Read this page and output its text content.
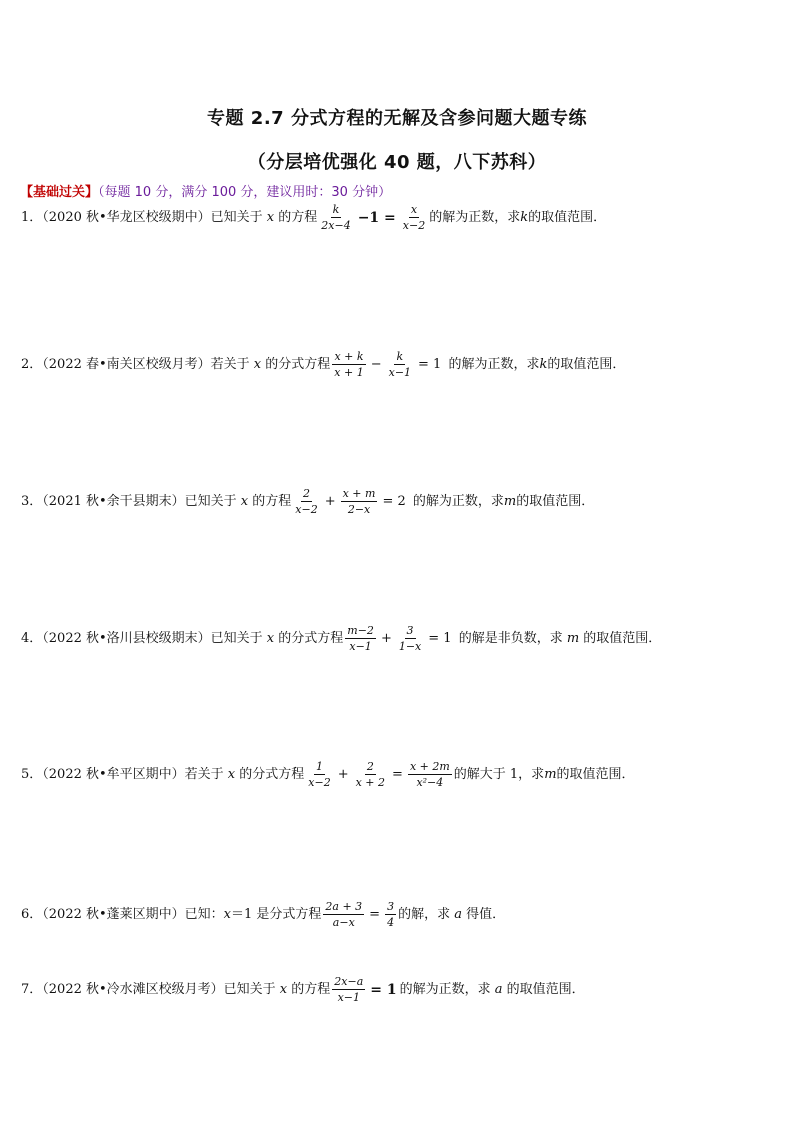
专题 2.7 分式方程的无解及含参问题大题专练
（分层培优强化 40 题，八下苏科）
【基础过关】（每题 10 分，满分 100 分，建议用时：30 分钟）
1．（2020 秋•华龙区校级期中）已知关于 x 的方程 $\frac{k}{2x-4} -1 = \frac{x}{x-2}$ 的解为正数，求 k 的取值范围．
2．（2022 春•南关区校级月考）若关于 x 的分式方程 $\frac{x + k}{x + 1} - \frac{k}{x-1} = 1$ 的解为正数，求 k 的取值范围．
3．（2021 秋•余干县期末）已知关于 x 的方程 $\frac{2}{x-2} + \frac{x + m}{2-x} = 2$ 的解为正数，求 m 的取值范围．
4．（2022 秋•洛川县校级期末）已知关于 x 的分式方程 $\frac{m-2}{x-1} + \frac{3}{1-x} = 1$ 的解是非负数，求 m 的取值范围．
5．（2022 秋•牟平区期中）若关于 x 的分式方程 $\frac{1}{x-2} + \frac{2}{x + 2} = \frac{x + 2m}{\text{x²−4}}$ 的解大于 1，求 m 的取值范围．
6．（2022 秋•蓬莱区期中）已知： x ＝1 是分式方程 $\frac{2a + 3}{a-x} = \frac{3}{4}$ 的解，求 a 得值．
7．（2022 秋•冷水滩区校级月考）已知关于 x 的方程 $\frac{2x-a}{x-1} = 1$ 的解为正数，求 a 的取值范围．
